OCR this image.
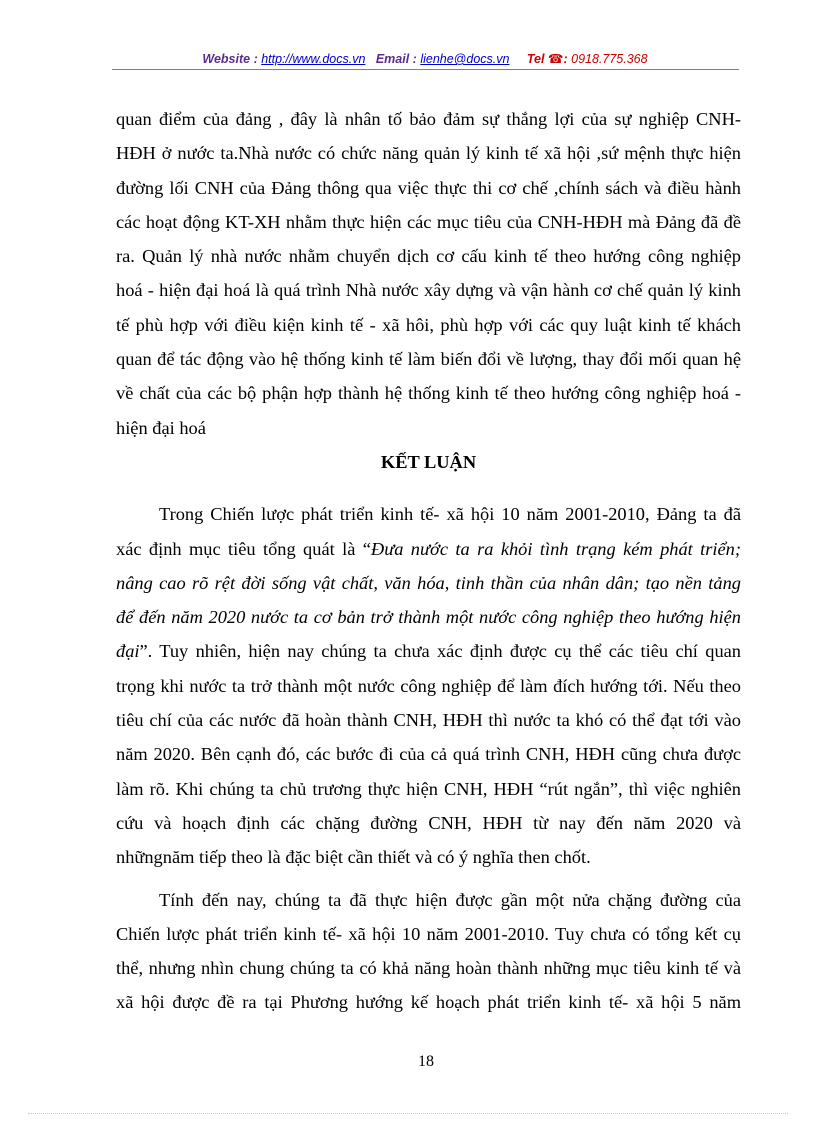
Website : http://www.docs.vn Email : lienhe@docs.vn Tel ☎: 0918.775.368
quan điểm của đảng , đây là nhân tố bảo đảm sự thắng lợi của sự nghiệp CNH-
HĐH ở nước ta.Nhà nước có chức năng quản lý kinh tế xã hội ,sứ mệnh thực hiện
đường lối CNH của Đảng thông qua việc thực thi cơ chế ,chính sách và điều hành
các hoạt động KT-XH nhằm thực hiện các mục tiêu của CNH-HĐH mà Đảng đã đề
ra. Quản lý nhà nước nhằm chuyển dịch cơ cấu kinh tế theo hướng công nghiệp
hoá - hiện đại hoá là quá trình Nhà nước xây dựng và vận hành cơ chế quản lý kinh
tế phù hợp với điều kiện kinh tế - xã hôi, phù hợp với các quy luật kinh tế khách
quan để tác động vào hệ thống kinh tế làm biến đổi về lượng, thay đổi mối quan hệ
về chất của các bộ phận hợp thành hệ thống kinh tế theo hướng công nghiệp hoá -
hiện đại hoá
KẾT LUẬN
Trong Chiến lược phát triển kinh tế- xã hội 10 năm 2001-2010, Đảng ta đã
xác định mục tiêu tổng quát là “Đưa nước ta ra khỏi tình trạng kém phát triển;
nâng cao rõ rệt đời sống vật chất, văn hóa, tinh thần của nhân dân; tạo nền tảng
để đến năm 2020 nước ta cơ bản trở thành một nước công nghiệp theo hướng hiện
đại”. Tuy nhiên, hiện nay chúng ta chưa xác định được cụ thể các tiêu chí quan
trọng khi nước ta trở thành một nước công nghiệp để làm đích hướng tới. Nếu theo
tiêu chí của các nước đã hoàn thành CNH, HĐH thì nước ta khó có thể đạt tới vào
năm 2020. Bên cạnh đó, các bước đi của cả quá trình CNH, HĐH cũng chưa được
làm rõ. Khi chúng ta chủ trương thực hiện CNH, HĐH “rút ngắn”, thì việc nghiên
cứu và hoạch định các chặng đường CNH, HĐH từ nay đến năm 2020 và
nhữngnăm tiếp theo là đặc biệt cần thiết và có ý nghĩa then chốt.
Tính đến nay, chúng ta đã thực hiện được gần một nửa chặng đường của
Chiến lược phát triển kinh tế- xã hội 10 năm 2001-2010. Tuy chưa có tổng kết cụ
thể, nhưng nhìn chung chúng ta có khả năng hoàn thành những mục tiêu kinh tế và
xã hội được đề ra tại Phương hướng kế hoạch phát triển kinh tế- xã hội 5 năm
18
